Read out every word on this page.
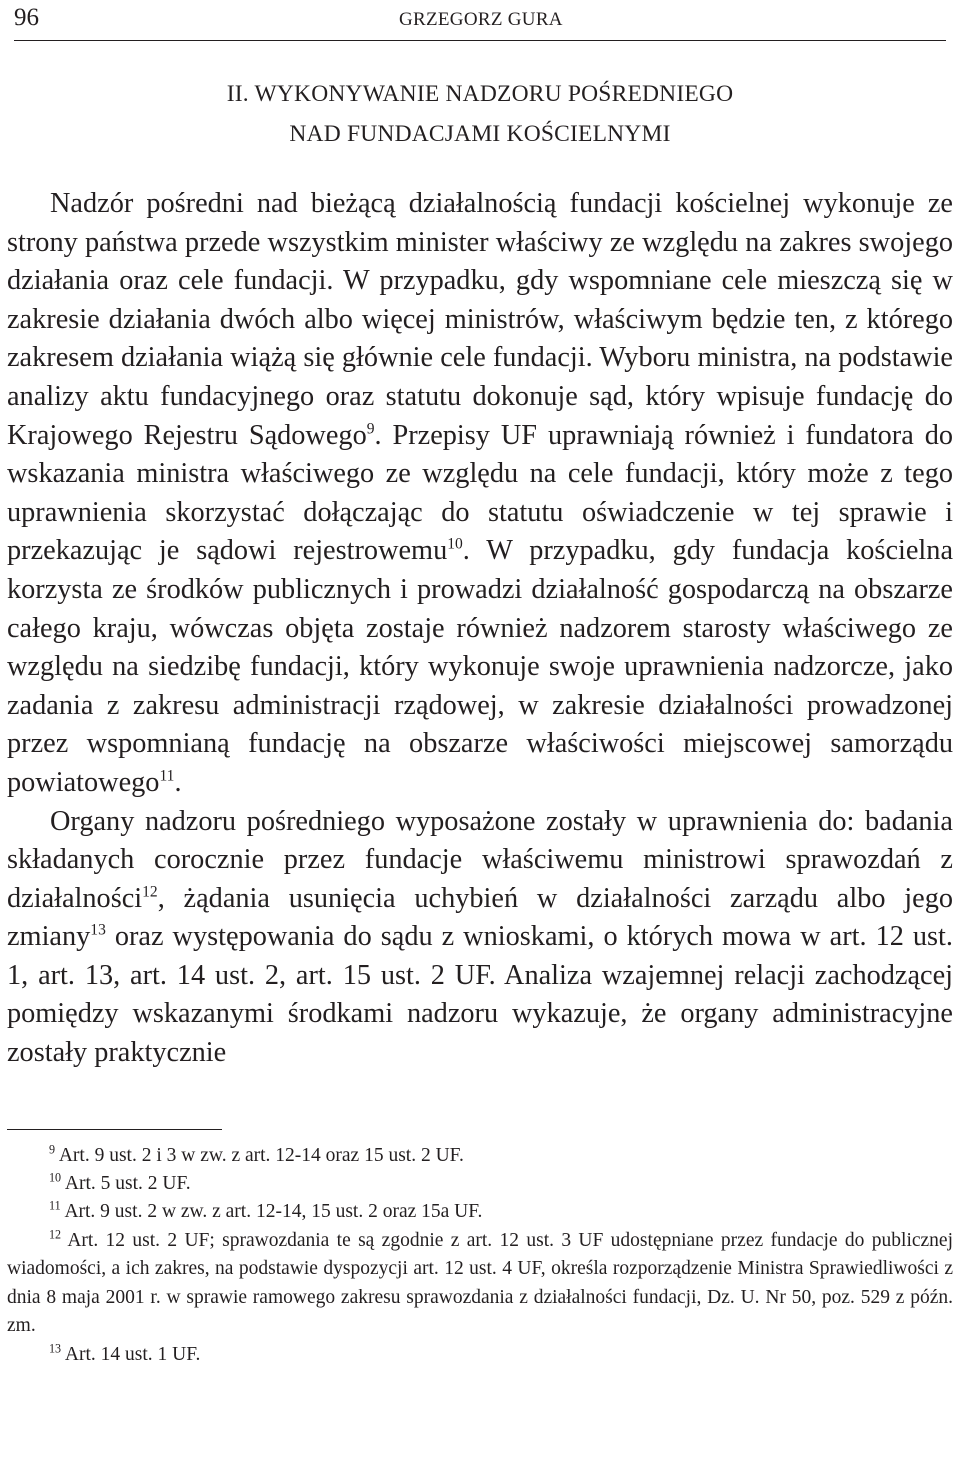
96	GRZEGORZ GURA
II. WYKONYWANIE NADZORU POŚREDNIEGO
NAD FUNDACJAMI KOŚCIELNYMI

Nadzór pośredni nad bieżącą działalnością fundacji kościelnej wykonuje ze strony państwa przede wszystkim minister właściwy ze względu na zakres swojego działania oraz cele fundacji. W przypadku, gdy wspomniane cele mieszczą się w zakresie działania dwóch albo więcej ministrów, właściwym będzie ten, z którego zakresem działania wiążą się głównie cele fundacji. Wyboru ministra, na podstawie analizy aktu fundacyjnego oraz statutu dokonuje sąd, który wpisuje fundację do Krajowego Rejestru Sądowego$^9$. Przepisy UF uprawniają również i fundatora do wskazania ministra właściwego ze względu na cele fundacji, który może z tego uprawnienia skorzystać dołączając do statutu oświadczenie w tej sprawie i przekazując je sądowi rejestrowemu$^{10}$. W przypadku, gdy fundacja kościelna korzysta ze środków publicznych i prowadzi działalność gospodarczą na obszarze całego kraju, wówczas objęta zostaje również nadzorem starosty właściwego ze względu na siedzibę fundacji, który wykonuje swoje uprawnienia nadzorcze, jako zadania z zakresu administracji rządowej, w zakresie działalności prowadzonej przez wspomnianą fundację na obszarze właściwości miejscowej samorządu powiatowego$^{11}$.

Organy nadzoru pośredniego wyposażone zostały w uprawnienia do: badania składanych corocznie przez fundacje właściwemu ministrowi sprawozdań z działalności$^{12}$, żądania usunięcia uchybień w działalności zarządu albo jego zmiany$^{13}$ oraz występowania do sądu z wnioskami, o których mowa w art. 12 ust. 1, art. 13, art. 14 ust. 2, art. 15 ust. 2 UF. Analiza wzajemnej relacji zachodzącej pomiędzy wskazanymi środkami nadzoru wykazuje, że organy administracyjne zostały praktycznie

$^9$ Art. 9 ust. 2 i 3 w zw. z art. 12-14 oraz 15 ust. 2 UF.

$^{10}$ Art. 5 ust. 2 UF.

$^{11}$ Art. 9 ust. 2 w zw. z art. 12-14, 15 ust. 2 oraz 15a UF.

$^{12}$ Art. 12 ust. 2 UF; sprawozdania te są zgodnie z art. 12 ust. 3 UF udostępniane przez fundacje do publicznej wiadomości, a ich zakres, na podstawie dyspozycji art. 12 ust. 4 UF, określa rozporządzenie Ministra Sprawiedliwości z dnia 8 maja 2001 r. w sprawie ramowego zakresu sprawozdania z działalności fundacji, Dz. U. Nr 50, poz. 529 z późn. zm.

$^{13}$ Art. 14 ust. 1 UF.
